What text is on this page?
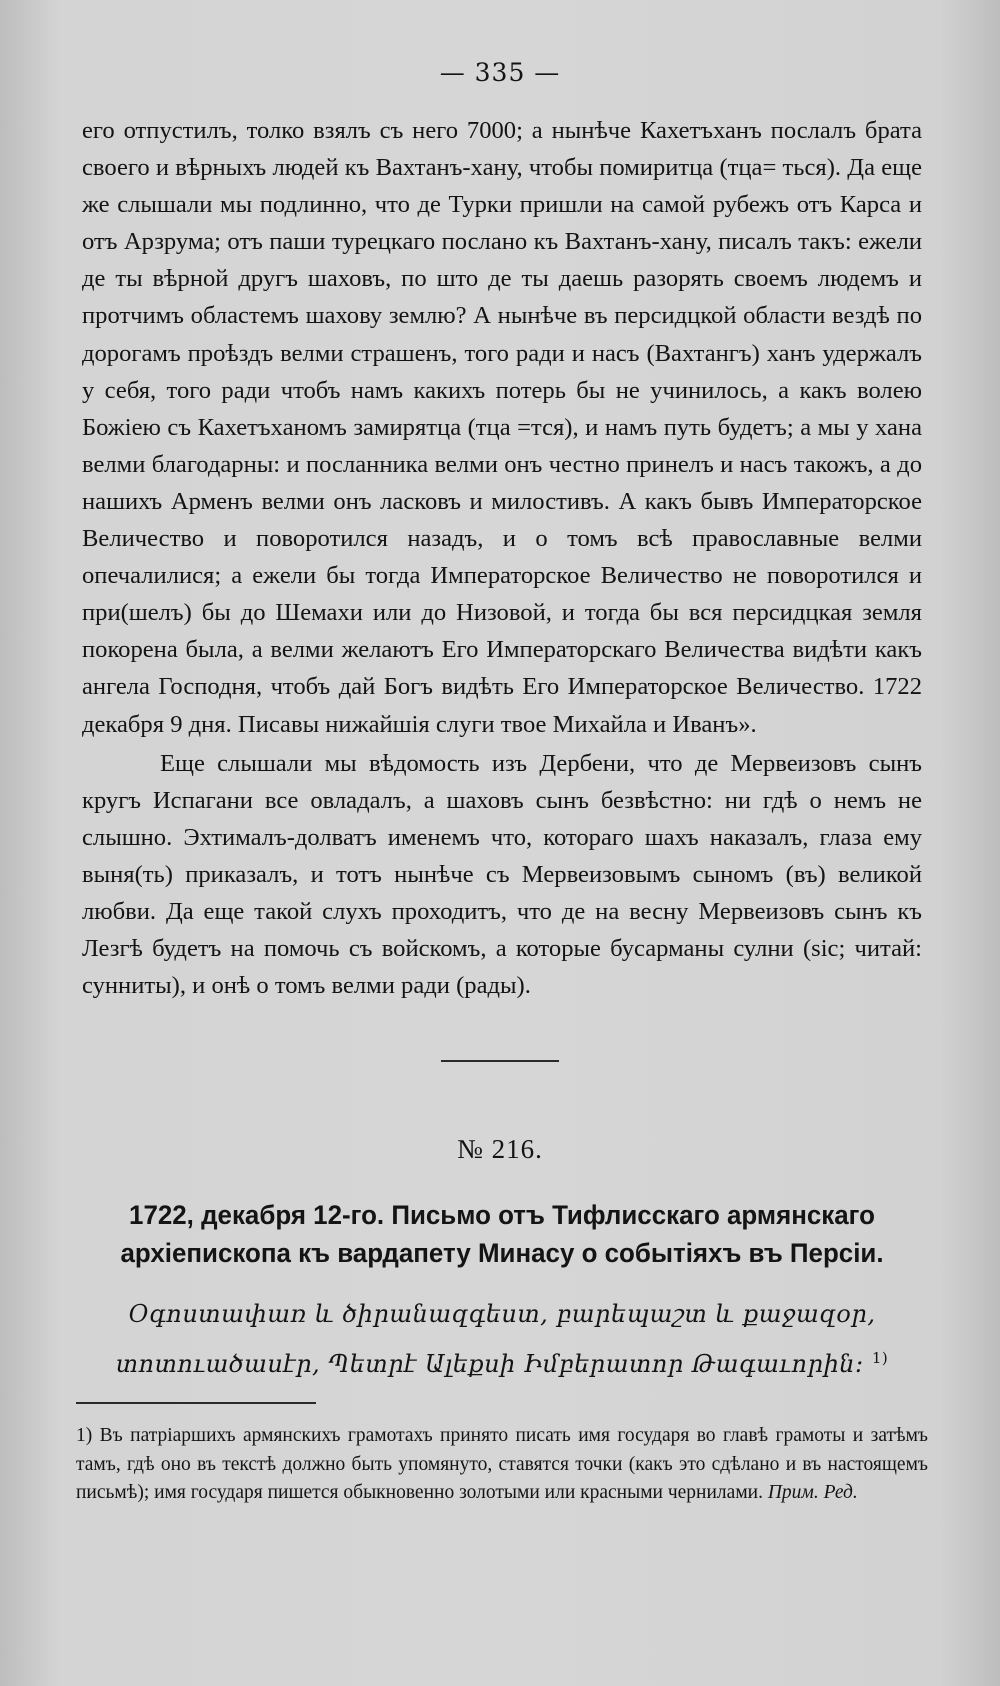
— 335 —

его отпустилъ, толко взялъ съ него 7000; а нынѣче Кахетъханъ послалъ брата своего и вѣрныхъ людей къ Вахтанъ-хану, чтобы помиритца (тца= ться). Да еще же слышали мы подлинно, что де Турки пришли на самой рубежъ отъ Карса и отъ Арзрума; отъ паши турецкаго послано къ Вахтанъ-хану, писалъ такъ: ежели де ты вѣрной другъ шаховъ, по што де ты даешь разорять своемъ людемъ и протчимъ областемъ шахову землю? А нынѣче въ персидцкой области вездѣ по дорогамъ проѣздъ велми страшенъ, того ради и насъ (Вахтангъ) ханъ удержалъ у себя, того ради чтобъ намъ какихъ потерь бы не учинилось, а какъ волею Божіею съ Кахетъханомъ замирятца (тца =тся), и намъ путь будетъ; а мы у хана велми благодарны: и посланника велми онъ честно принелъ и насъ такожъ, а до нашихъ Арменъ велми онъ ласковъ и милостивъ. А какъ бывъ Императорское Величество и поворотился назадъ, и о томъ всѣ православные велми опечалилися; а ежели бы тогда Императорское Величество не поворотился и при(шелъ) бы до Шемахи или до Низовой, и тогда бы вся персидцкая земля покорена была, а велми желаютъ Его Императорскаго Величества видѣти какъ ангела Господня, чтобъ дай Богъ видѣть Его Императорское Величество. 1722 декабря 9 дня. Писавы нижайшія слуги твое Михайла и Иванъ».

Еще слышали мы вѣдомость изъ Дербени, что де Мервеизовъ сынъ кругъ Испагани все овладалъ, а шаховъ сынъ безвѣстно: ни гдѣ о немъ не слышно. Эхтималъ-долватъ именемъ что, котораго шахъ наказалъ, глаза ему выня(ть) приказалъ, и тотъ нынѣче съ Мервеизовымъ сыномъ (въ) великой любви. Да еще такой слухъ проходитъ, что де на весну Мервеизовъ сынъ къ Лезгѣ будетъ на помочь съ войскомъ, а которые бусарманы сулни (sic; читай: сунниты), и онѣ о томъ велми ради (рады).

№ 216.
1722, декабря 12-го. Письмо отъ Тифлисскаго армянскаго архіепископа къ вардапету Минасу о событіяхъ въ Персіи.
Օգոստափառ և ծիրանազգեստ, բարեպաշտ և քաջազօր, տոտուածասէր, Պետրէ Ալեքսի Իմբերատոր Թագաւորին։ $^{1)}$
1) Въ патріаршихъ армянскихъ грамотахъ принято писать имя государя во главѣ грамоты и затѣмъ тамъ, гдѣ оно въ текстѣ должно быть упомянуто, ставятся точки (какъ это сдѣлано и въ настоящемъ письмѣ); имя государя пишется обыкновенно золотыми или красными чернилами. Прим. Ред.
